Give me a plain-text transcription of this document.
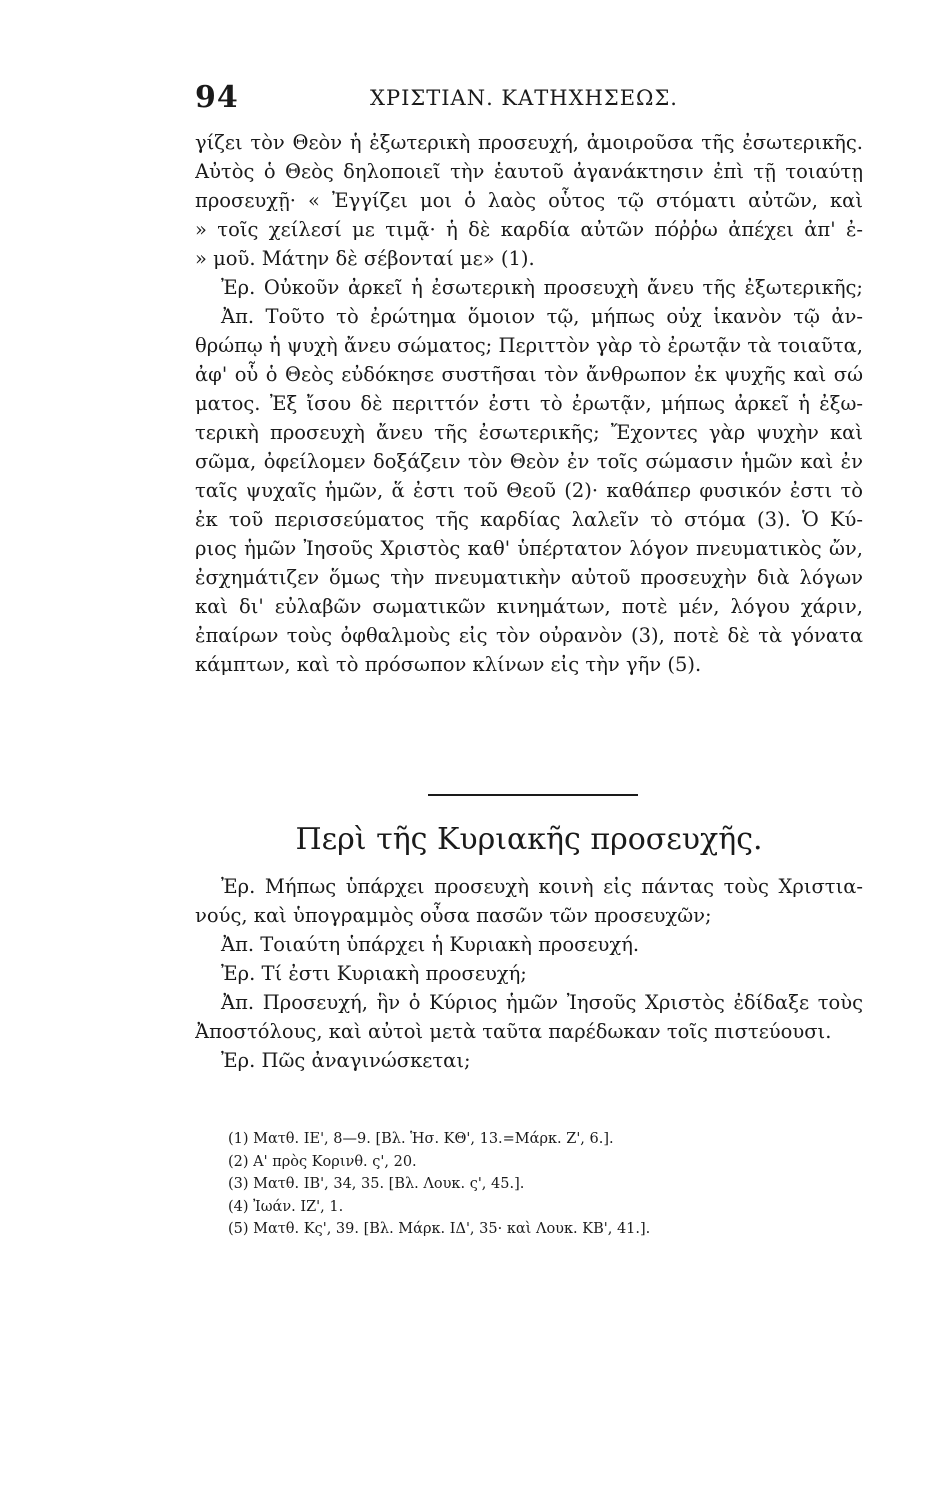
94	ΧΡΙΣΤΙΑΝ. ΚΑΤΗΧΗΣΕΩΣ.
γίζει τὸν Θεὸν ἡ ἐξωτερικὴ προσευχή, ἀμοιροῦσα τῆς ἐσωτερικῆς.
Αὐτὸς ὁ Θεὸς δηλοποιεῖ τὴν ἑαυτοῦ ἀγανάκτησιν ἐπὶ τῇ τοιαύτῃ
προσευχῇ· « Ἐγγίζει μοι ὁ λαὸς οὗτος τῷ στόματι αὐτῶν, καὶ
» τοῖς χείλεσί με τιμᾷ· ἡ δὲ καρδία αὐτῶν πόῤῥω ἀπέχει ἀπ' ἐ-
» μοῦ. Μάτην δὲ σέβονταί με» (1).
Ἐρ. Οὐκοῦν ἀρκεῖ ἡ ἐσωτερικὴ προσευχὴ ἄνευ τῆς ἐξωτερικῆς;
Ἀπ. Τοῦτο τὸ ἐρώτημα ὅμοιον τῷ, μήπως οὐχ ἱκανὸν τῷ ἀν-
θρώπῳ ἡ ψυχὴ ἄνευ σώματος; Περιττὸν γὰρ τὸ ἐρωτᾷν τὰ τοιαῦτα,
ἀφ' οὗ ὁ Θεὸς εὐδόκησε συστῆσαι τὸν ἄνθρωπον ἐκ ψυχῆς καὶ σώ
ματος. Ἐξ ἴσου δὲ περιττόν ἐστι τὸ ἐρωτᾷν, μήπως ἀρκεῖ ἡ ἐξω-
τερικὴ προσευχὴ ἄνευ τῆς ἐσωτερικῆς; Ἔχοντες γὰρ ψυχὴν καὶ
σῶμα, ὀφείλομεν δοξάζειν τὸν Θεὸν ἐν τοῖς σώμασιν ἡμῶν καὶ ἐν
ταῖς ψυχαῖς ἡμῶν, ἅ ἐστι τοῦ Θεοῦ (2)· καθάπερ φυσικόν ἐστι τὸ
ἐκ τοῦ περισσεύματος τῆς καρδίας λαλεῖν τὸ στόμα (3). Ὁ Κύ-
ριος ἡμῶν Ἰησοῦς Χριστὸς καθ' ὑπέρτατον λόγον πνευματικὸς ὤν,
ἐσχημάτιζεν ὅμως τὴν πνευματικὴν αὐτοῦ προσευχὴν διὰ λόγων
καὶ δι' εὐλαβῶν σωματικῶν κινημάτων, ποτὲ μέν, λόγου χάριν,
ἐπαίρων τοὺς ὀφθαλμοὺς εἰς τὸν οὐρανὸν (3), ποτὲ δὲ τὰ γόνατα
κάμπτων, καὶ τὸ πρόσωπον κλίνων εἰς τὴν γῆν (5).
Περὶ τῆς Κυριακῆς προσευχῆς.
Ἐρ. Μήπως ὑπάρχει προσευχὴ κοινὴ εἰς πάντας τοὺς Χριστια-
νούς, καὶ ὑπογραμμὸς οὖσα πασῶν τῶν προσευχῶν;
Ἀπ. Τοιαύτη ὑπάρχει ἡ Κυριακὴ προσευχή.
Ἐρ. Τί ἐστι Κυριακὴ προσευχή;
Ἀπ. Προσευχή, ἣν ὁ Κύριος ἡμῶν Ἰησοῦς Χριστὸς ἐδίδαξε τοὺς
Ἀποστόλους, καὶ αὐτοὶ μετὰ ταῦτα παρέδωκαν τοῖς πιστεύουσι.
Ἐρ. Πῶς ἀναγινώσκεται;
(1) Ματθ. ΙΕ', 8—9. [Βλ. Ἡσ. ΚΘ', 13.=Μάρκ. Ζ', 6.].
(2) Α' πρὸς Κορινθ. ς', 20.
(3) Ματθ. ΙΒ', 34, 35. [Βλ. Λουκ. ς', 45.].
(4) Ἰωάν. ΙΖ', 1.
(5) Ματθ. Κς', 39. [Βλ. Μάρκ. ΙΔ', 35· καὶ Λουκ. ΚΒ', 41.].
